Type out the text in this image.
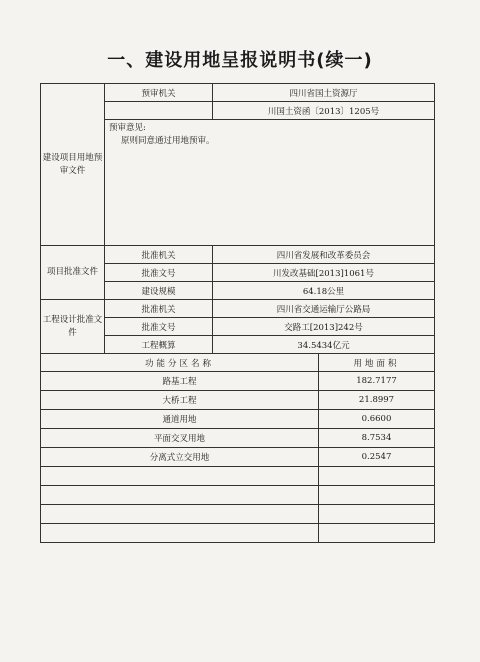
一、建设用地呈报说明书(续一)
建设项目用地预审文件	预审机关	四川省国土资源厅	
		川国土资函〔2013〕1205号	

	预审意见:
原则同意通过用地预审。		

项目批准文件	批准机关	四川省发展和改革委员会	
	批准文号	川发改基础[2013]1061号	
	建设规模	64.18公里	
工程设计批准文件	批准机关	四川省交通运输厅公路局	
	批准文号	交路工[2013]242号	
	工程概算	34.5434亿元	
功能分区名称			用地面积
路基工程			182.7177
大桥工程			21.8997
通道用地			0.6600
平面交叉用地			8.7534
分离式立交用地			0.2547
